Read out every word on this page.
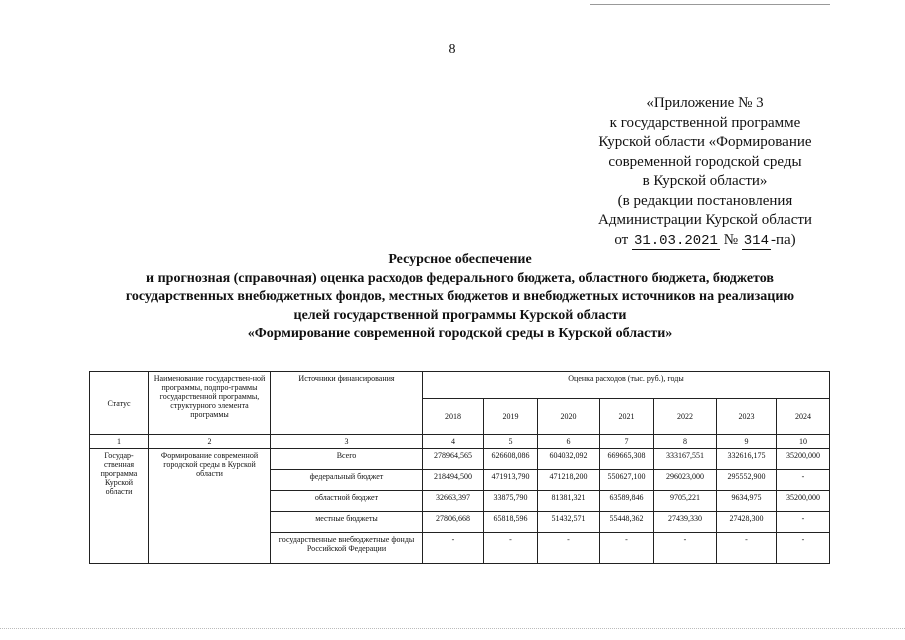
8
«Приложение № 3
к государственной программе
Курской области «Формирование
современной городской среды
в Курской области»
(в редакции постановления
Администрации Курской области
от 31.03.2021 № 314 -па)
Ресурсное обеспечение
и прогнозная (справочная) оценка расходов федерального бюджета, областного бюджета, бюджетов
государственных внебюджетных фондов, местных бюджетов и внебюджетных источников на реализацию
целей государственной программы Курской области
«Формирование современной городской среды в Курской области»
Статус	Наименование государствен-ной программы, подпро-граммы государственной программы, структурного элемента программы	Источники финансирования	Оценка расходов (тыс. руб.), годы						
			2018	2019	2020	2021	2022	2023	2024
1	2	3	4	5	6	7	8	9	10
Государ-ственная программа Курской области	Формирование современной городской среды в Курской области	Всего	278964,565	626608,086	604032,092	669665,308	333167,551	332616,175	35200,000
		федеральный бюджет	218494,500	471913,790	471218,200	550627,100	296023,000	295552,900	-
		областной бюджет	32663,397	33875,790	81381,321	63589,846	9705,221	9634,975	35200,000
		местные бюджеты	27806,668	65818,596	51432,571	55448,362	27439,330	27428,300	-
		государственные внебюджетные фонды Российской Федерации	-	-	-	-	-	-	-
